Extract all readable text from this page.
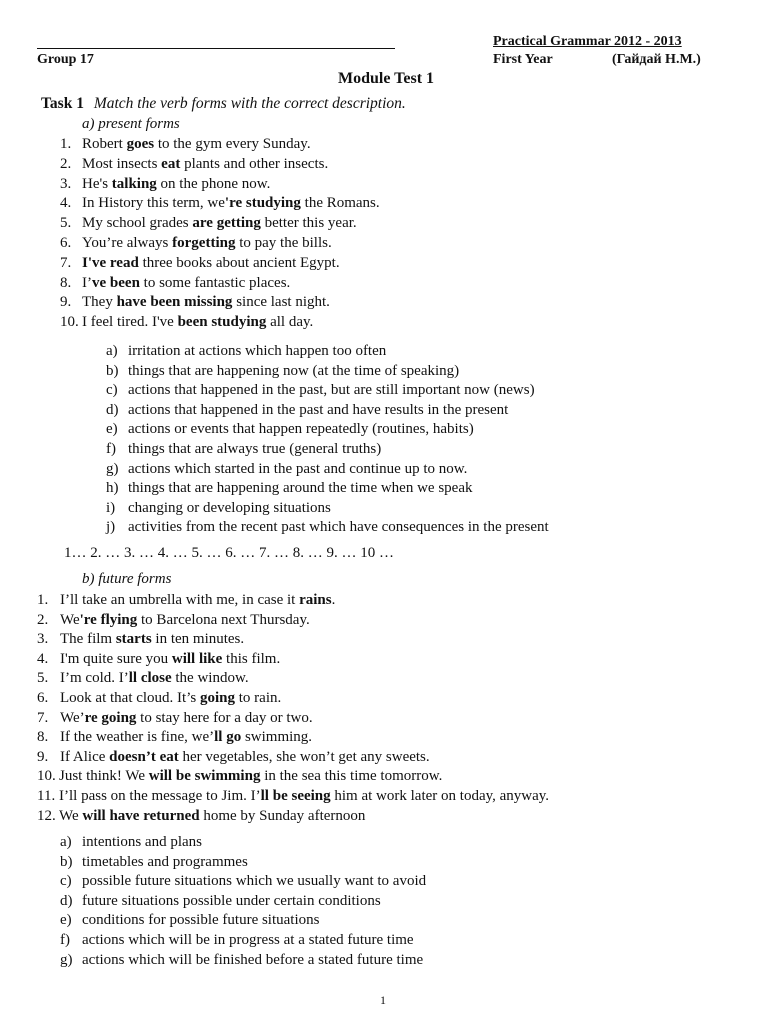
Practical Grammar 2012 - 2013
Group 17	First Year	(Гайдай Н.М.)
Module Test 1
Task 1 Match the verb forms with the correct description.
a) present forms
1. Robert goes to the gym every Sunday.
2. Most insects eat plants and other insects.
3. He's talking on the phone now.
4. In History this term, we're studying the Romans.
5. My school grades are getting better this year.
6. You’re always forgetting to pay the bills.
7. I've read three books about ancient Egypt.
8. I’ve been to some fantastic places.
9. They have been missing since last night.
10. I feel tired. I've been studying all day.
a) irritation at actions which happen too often
b) things that are happening now (at the time of speaking)
c) actions that happened in the past, but are still important now (news)
d) actions that happened in the past and have results in the present
e) actions or events that happen repeatedly (routines, habits)
f) things that are always true (general truths)
g) actions which started in the past and continue up to now.
h) things that are happening around the time when we speak
i) changing or developing situations
j) activities from the recent past which have consequences in the present
1… 2. … 3. … 4. … 5. … 6. … 7. … 8. … 9. … 10 …
b) future forms
1. I’ll take an umbrella with me, in case it rains.
2. We're flying to Barcelona next Thursday.
3. The film starts in ten minutes.
4. I'm quite sure you will like this film.
5. I’m cold. I’ll close the window.
6. Look at that cloud. It’s going to rain.
7. We’re going to stay here for a day or two.
8. If the weather is fine, we’ll go swimming.
9. If Alice doesn’t eat her vegetables, she won’t get any sweets.
10. Just think! We will be swimming in the sea this time tomorrow.
11. I’ll pass on the message to Jim. I’ll be seeing him at work later on today, anyway.
12. We will have returned home by Sunday afternoon
a) intentions and plans
b) timetables and programmes
c) possible future situations which we usually want to avoid
d) future situations possible under certain conditions
e) conditions for possible future situations
f) actions which will be in progress at a stated future time
g) actions which will be finished before a stated future time
1
